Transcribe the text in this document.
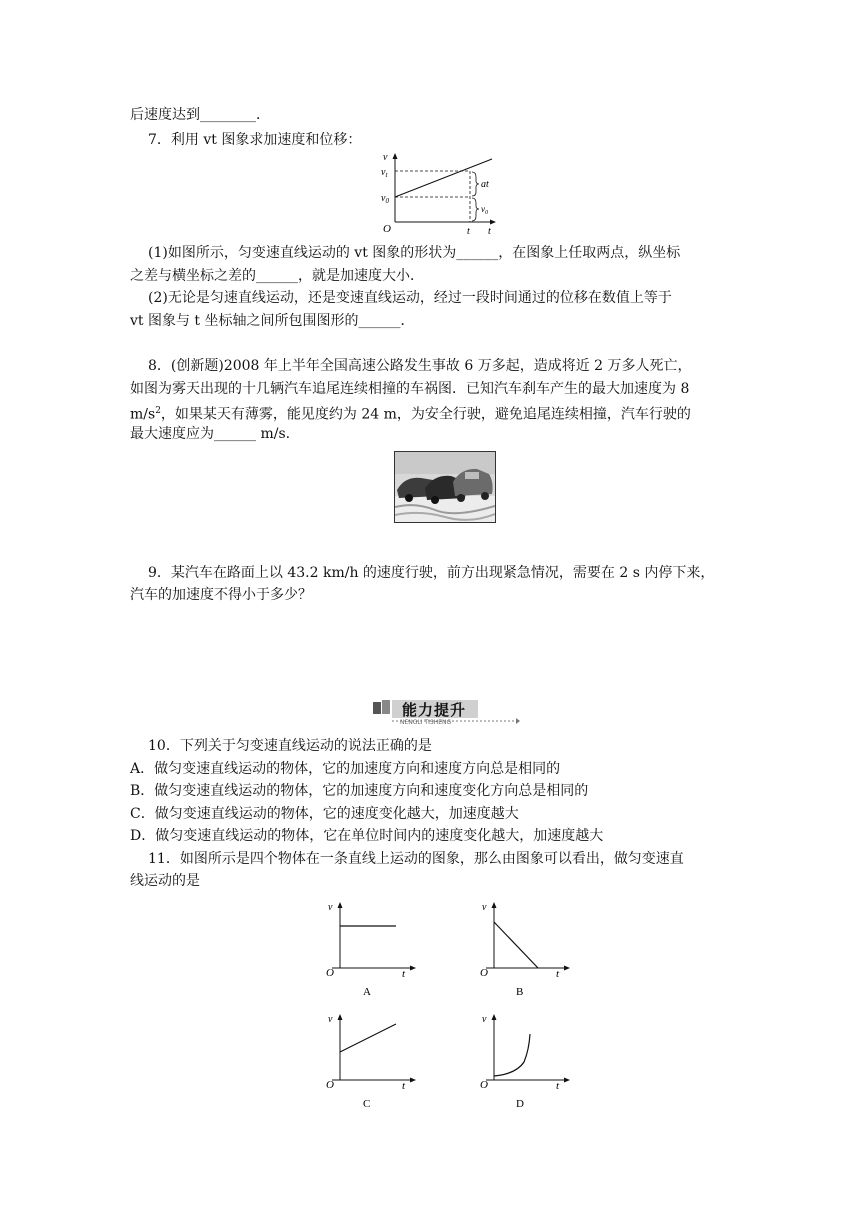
后速度达到________．
7．利用 vt 图象求加速度和位移：
v
$v_t$
$v_0$
O
at
$v_0$
t t
(1)如图所示，匀变速直线运动的 vt 图象的形状为______，在图象上任取两点，纵坐标
之差与横坐标之差的______，就是加速度大小．
(2)无论是匀速直线运动，还是变速直线运动，经过一段时间通过的位移在数值上等于
vt 图象与 t 坐标轴之间所包围图形的______．
8．(创新题)2008 年上半年全国高速公路发生事故 6 万多起，造成将近 2 万多人死亡，
如图为雾天出现的十几辆汽车追尾连续相撞的车祸图．已知汽车刹车产生的最大加速度为 8
$m/s^2$，如果某天有薄雾，能见度约为 24 m，为安全行驶，避免追尾连续相撞，汽车行驶的
最大速度应为______ m/s.
9．某汽车在路面上以 43.2 km/h 的速度行驶，前方出现紧急情况，需要在 2 s 内停下来，
汽车的加速度不得小于多少？
能力提升
NENGLI TISHENG
10．下列关于匀变速直线运动的说法正确的是
A．做匀变速直线运动的物体，它的加速度方向和速度方向总是相同的
B．做匀变速直线运动的物体，它的加速度方向和速度变化方向总是相同的
C．做匀变速直线运动的物体，它的速度变化越大，加速度越大
D．做匀变速直线运动的物体，它在单位时间内的速度变化越大，加速度越大
11．如图所示是四个物体在一条直线上运动的图象，那么由图象可以看出，做匀变速直
线运动的是
v
O	t
A
v
O	t
B
v
O	t
C
v
O	t
D
